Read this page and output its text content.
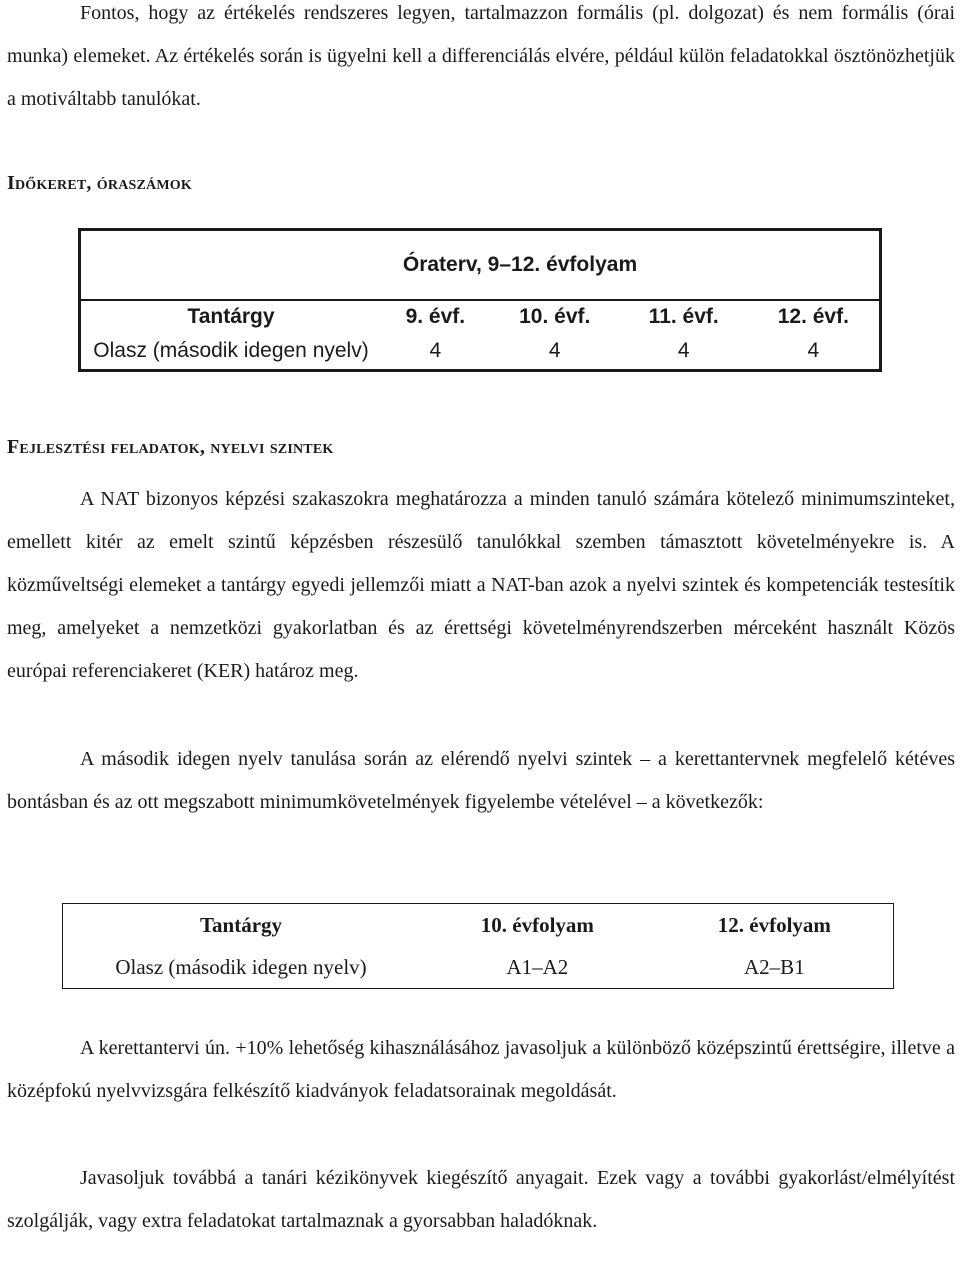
Fontos, hogy az értékelés rendszeres legyen, tartalmazzon formális (pl. dolgozat) és nem formális (órai munka) elemeket. Az értékelés során is ügyelni kell a differenciálás elvére, például külön feladatokkal ösztönözhetjük a motiváltabb tanulókat.

Időkeret, óraszámok
Óraterv, 9–12. évfolyam				
Tantárgy	9. évf.	10. évf.	11. évf.	12. évf.
Olasz (második idegen nyelv)	4	4	4	4
Fejlesztési feladatok, nyelvi szintek

A NAT bizonyos képzési szakaszokra meghatározza a minden tanuló számára kötelező minimumszinteket, emellett kitér az emelt szintű képzésben részesülő tanulókkal szemben támasztott követelményekre is. A közműveltségi elemeket a tantárgy egyedi jellemzői miatt a NAT-ban azok a nyelvi szintek és kompetenciák testesítik meg, amelyeket a nemzetközi gyakorlatban és az érettségi követelményrendszerben mérceként használt Közös európai referenciakeret (KER) határoz meg.

A második idegen nyelv tanulása során az elérendő nyelvi szintek – a kerettantervnek megfelelő kétéves bontásban és az ott megszabott minimumkövetelmények figyelembe vételével – a következők:

Tantárgy	10. évfolyam	12. évfolyam
Olasz (második idegen nyelv)	A1–A2	A2–B1

A kerettantervi ún. +10% lehetőség kihasználásához javasoljuk a különböző középszintű érettségire, illetve a középfokú nyelvvizsgára felkészítő kiadványok feladatsorainak megoldását.

Javasoljuk továbbá a tanári kézikönyvek kiegészítő anyagait. Ezek vagy a további gyakorlást/elmélyítést szolgálják, vagy extra feladatokat tartalmaznak a gyorsabban haladóknak.
